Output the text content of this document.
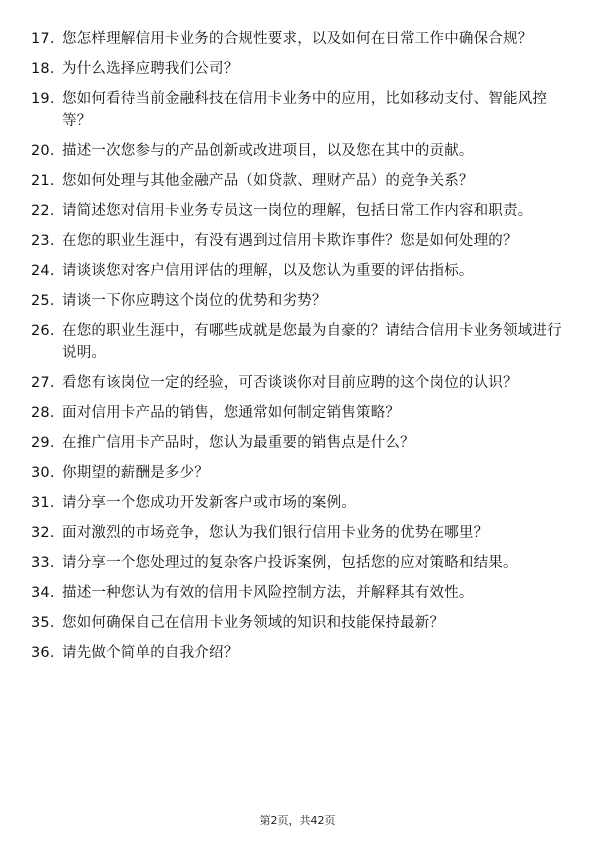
17. 您怎样理解信用卡业务的合规性要求，以及如何在日常工作中确保合规？
18. 为什么选择应聘我们公司？
19. 您如何看待当前金融科技在信用卡业务中的应用，比如移动支付、智能风控等？
20. 描述一次您参与的产品创新或改进项目，以及您在其中的贡献。
21. 您如何处理与其他金融产品（如贷款、理财产品）的竞争关系？
22. 请简述您对信用卡业务专员这一岗位的理解，包括日常工作内容和职责。
23. 在您的职业生涯中，有没有遇到过信用卡欺诈事件？您是如何处理的？
24. 请谈谈您对客户信用评估的理解，以及您认为重要的评估指标。
25. 请谈一下你应聘这个岗位的优势和劣势？
26. 在您的职业生涯中，有哪些成就是您最为自豪的？请结合信用卡业务领域进行说明。
27. 看您有该岗位一定的经验，可否谈谈你对目前应聘的这个岗位的认识？
28. 面对信用卡产品的销售，您通常如何制定销售策略？
29. 在推广信用卡产品时，您认为最重要的销售点是什么？
30. 你期望的薪酬是多少？
31. 请分享一个您成功开发新客户或市场的案例。
32. 面对激烈的市场竞争，您认为我们银行信用卡业务的优势在哪里？
33. 请分享一个您处理过的复杂客户投诉案例，包括您的应对策略和结果。
34. 描述一种您认为有效的信用卡风险控制方法，并解释其有效性。
35. 您如何确保自己在信用卡业务领域的知识和技能保持最新？
36. 请先做个简单的自我介绍？
第2页，共42页
